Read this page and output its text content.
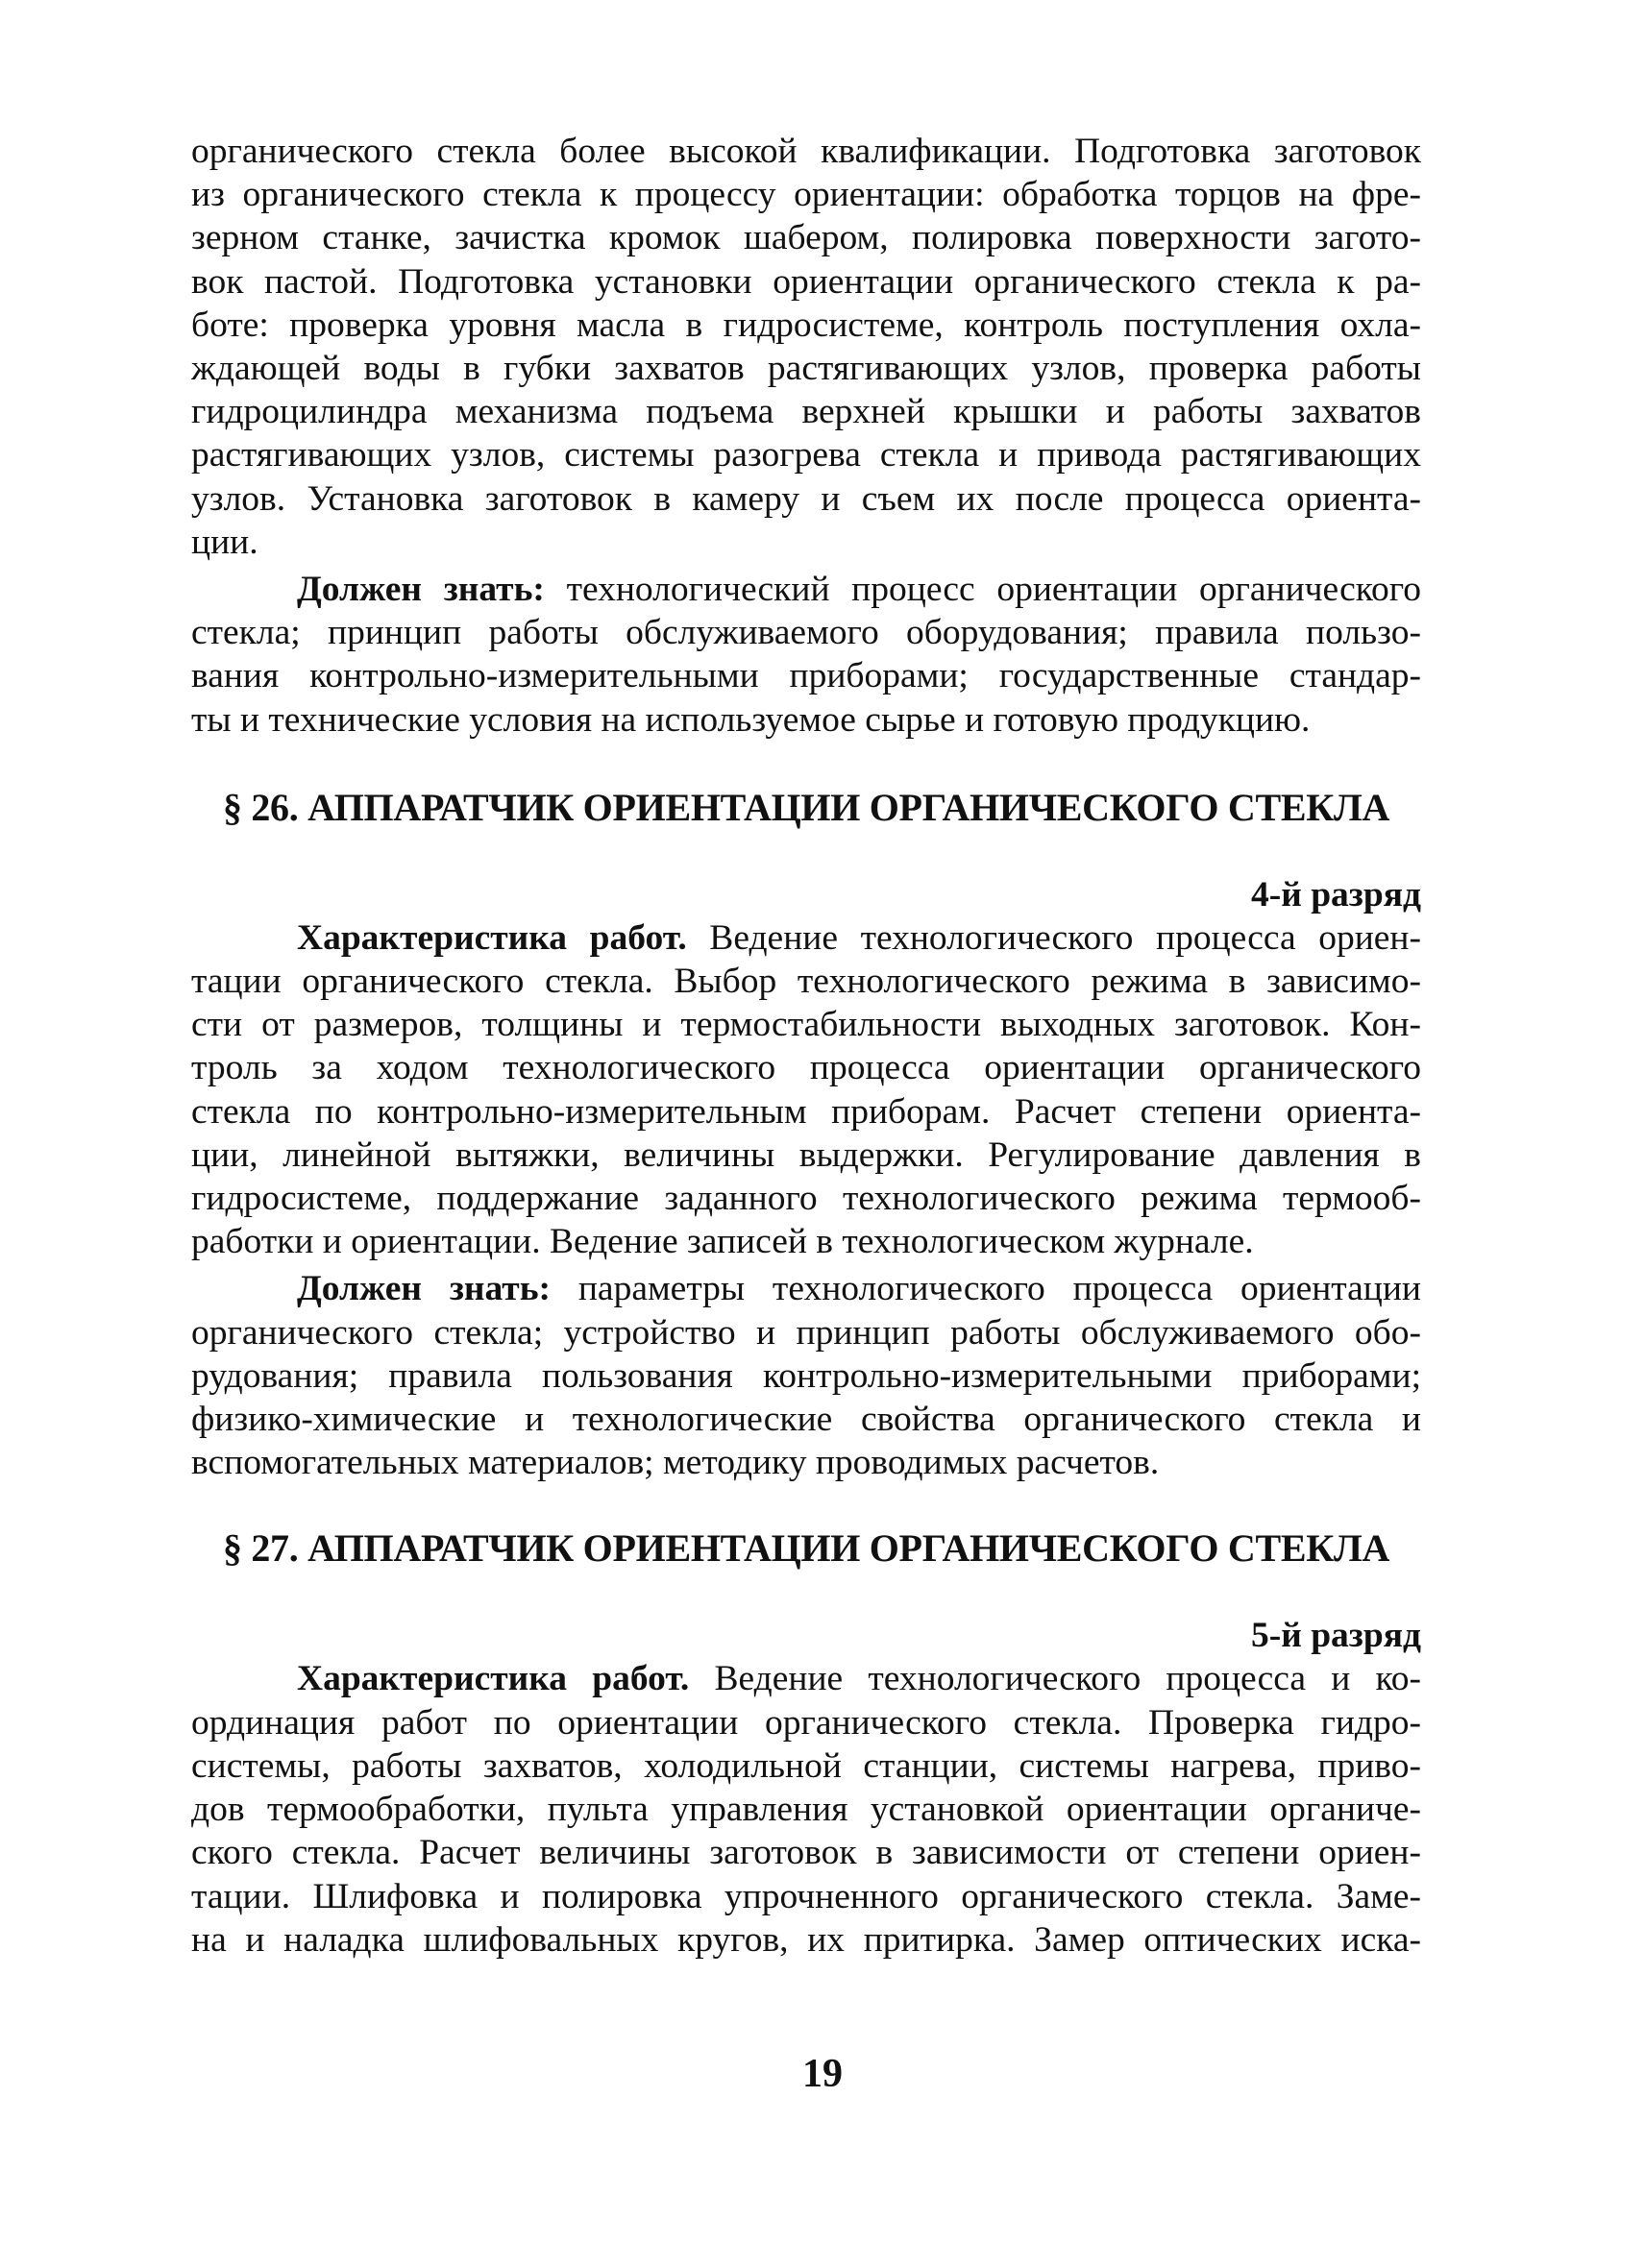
органического стекла более высокой квалификации. Подготовка заготовок
из органического стекла к процессу ориентации: обработка торцов на фре-
зерном станке, зачистка кромок шабером, полировка поверхности загото-
вок пастой. Подготовка установки ориентации органического стекла к ра-
боте: проверка уровня масла в гидросистеме, контроль поступления охла-
ждающей воды в губки захватов растягивающих узлов, проверка работы
гидроцилиндра механизма подъема верхней крышки и работы захватов
растягивающих узлов, системы разогрева стекла и привода растягивающих
узлов. Установка заготовок в камеру и съем их после процесса ориента-
ции.
Должен знать: технологический процесс ориентации органического
стекла; принцип работы обслуживаемого оборудования; правила пользо-
вания контрольно-измерительными приборами; государственные стандар-
ты и технические условия на используемое сырье и готовую продукцию.
§ 26. АППАРАТЧИК ОРИЕНТАЦИИ ОРГАНИЧЕСКОГО СТЕКЛА

4-й разряд

Характеристика работ. Ведение технологического процесса ориен-
тации органического стекла. Выбор технологического режима в зависимо-
сти от размеров, толщины и термостабильности выходных заготовок. Кон-
троль за ходом технологического процесса ориентации органического
стекла по контрольно-измерительным приборам. Расчет степени ориента-
ции, линейной вытяжки, величины выдержки. Регулирование давления в
гидросистеме, поддержание заданного технологического режима термооб-
работки и ориентации. Ведение записей в технологическом журнале.
Должен знать: параметры технологического процесса ориентации
органического стекла; устройство и принцип работы обслуживаемого обо-
рудования; правила пользования контрольно-измерительными приборами;
физико-химические и технологические свойства органического стекла и
вспомогательных материалов; методику проводимых расчетов.
§ 27. АППАРАТЧИК ОРИЕНТАЦИИ ОРГАНИЧЕСКОГО СТЕКЛА

5-й разряд

Характеристика работ. Ведение технологического процесса и ко-
ординация работ по ориентации органического стекла. Проверка гидро-
системы, работы захватов, холодильной станции, системы нагрева, приво-
дов термообработки, пульта управления установкой ориентации органиче-
ского стекла. Расчет величины заготовок в зависимости от степени ориен-
тации. Шлифовка и полировка упрочненного органического стекла. Заме-
на и наладка шлифовальных кругов, их притирка. Замер оптических иска-
19
